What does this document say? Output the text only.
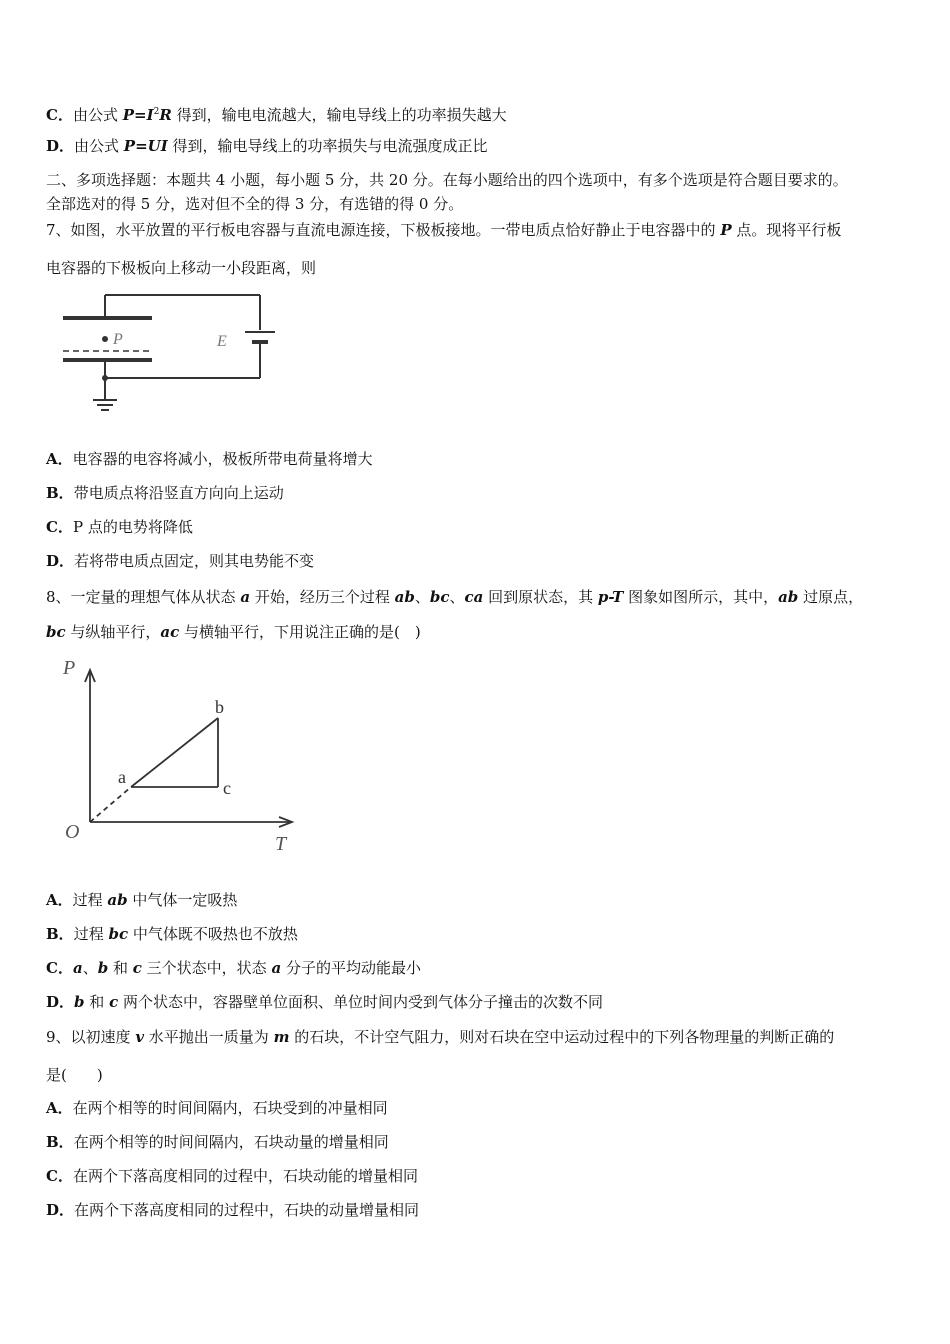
C．由公式 $P=I^2R$ 得到，输电电流越大，输电导线上的功率损失越大
D．由公式 P=UI 得到，输电导线上的功率损失与电流强度成正比
二、多项选择题：本题共 4 小题，每小题 5 分，共 20 分。在每小题给出的四个选项中，有多个选项是符合题目要求的。
全部选对的得 5 分，选对但不全的得 3 分，有选错的得 0 分。
7、如图，水平放置的平行板电容器与直流电源连接，下极板接地。一带电质点恰好静止于电容器中的 P 点。现将平行板
电容器的下极板向上移动一小段距离，则
P	E
A．电容器的电容将减小，极板所带电荷量将增大
B．带电质点将沿竖直方向向上运动
C．P 点的电势将降低
D．若将带电质点固定，则其电势能不变
8、一定量的理想气体从状态 a 开始，经历三个过程 ab、bc、ca 回到原状态，其 p-T 图象如图所示，其中，ab 过原点，
bc 与纵轴平行，ac 与横轴平行，下用说注正确的是(　)
P
T
O
a
b
c
A．过程 ab 中气体一定吸热
B．过程 bc 中气体既不吸热也不放热
C．a、b 和 c 三个状态中，状态 a 分子的平均动能最小
D．b 和 c 两个状态中，容器壁单位面积、单位时间内受到气体分子撞击的次数不同
9、以初速度 v 水平抛出一质量为 m 的石块，不计空气阻力，则对石块在空中运动过程中的下列各物理量的判断正确的
是(　　)
A．在两个相等的时间间隔内，石块受到的冲量相同
B．在两个相等的时间间隔内，石块动量的增量相同
C．在两个下落高度相同的过程中，石块动能的增量相同
D．在两个下落高度相同的过程中，石块的动量增量相同
